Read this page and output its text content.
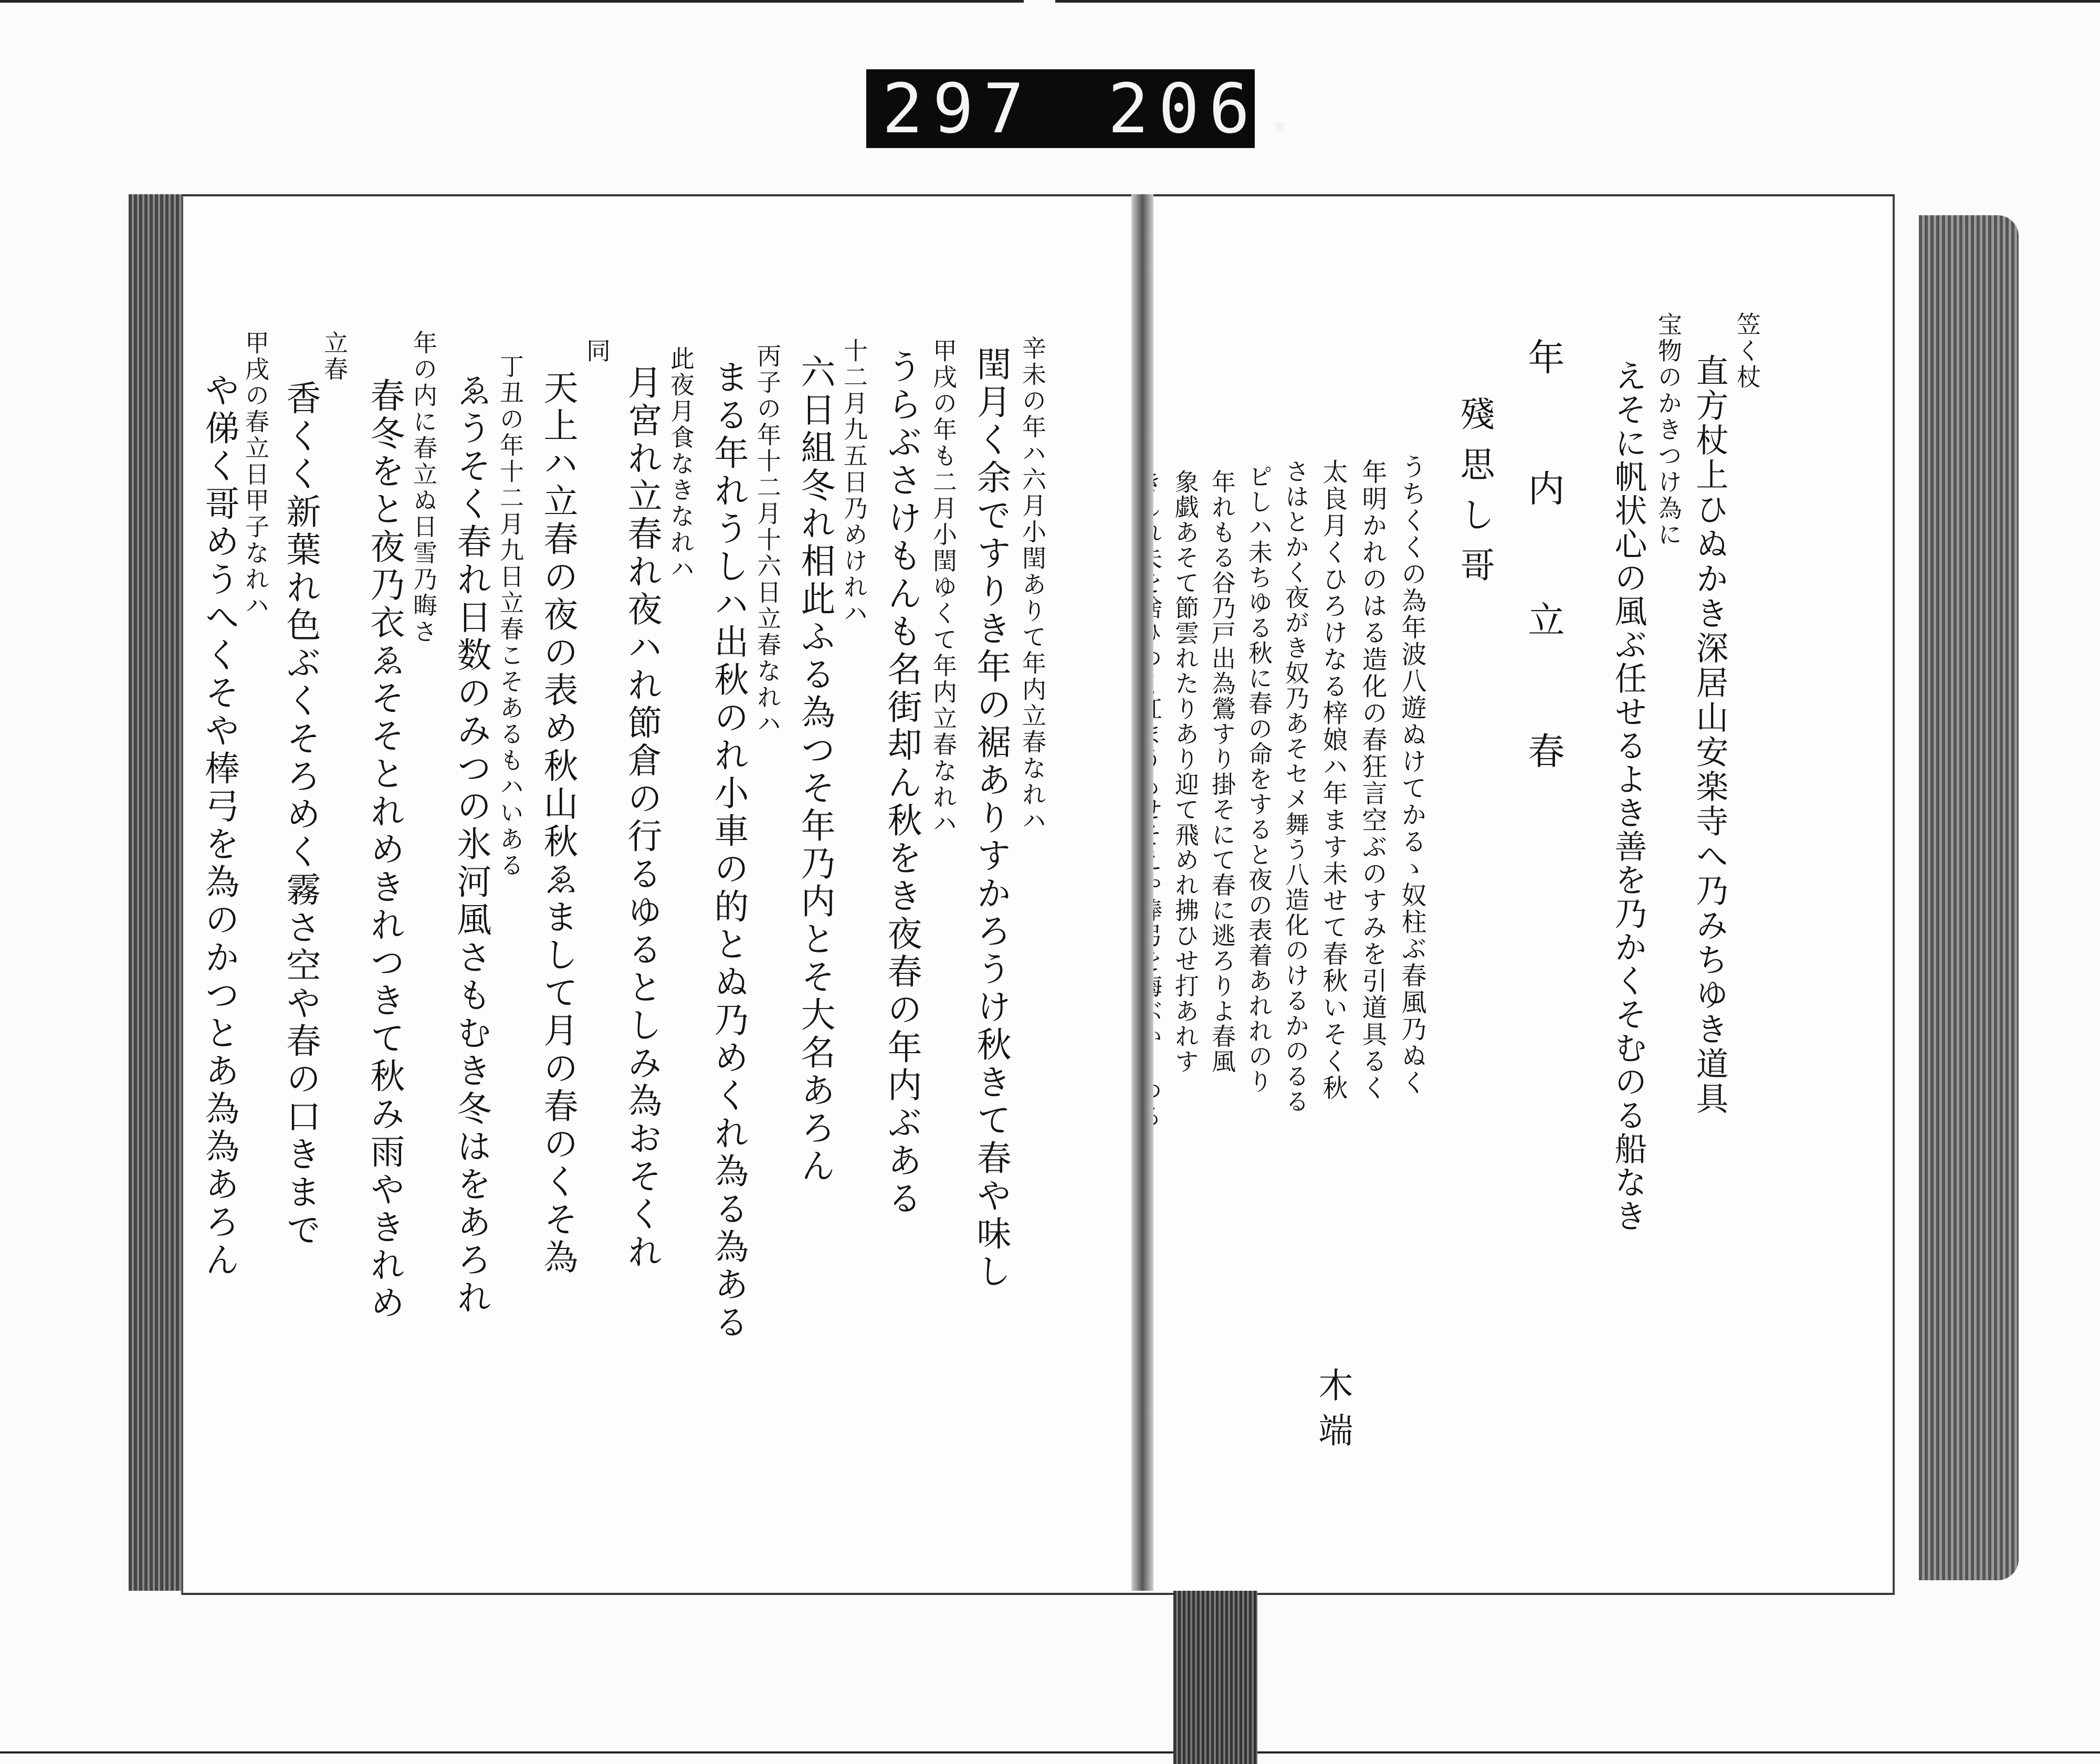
297 206.
辛未の年ハ六月小閏ありて年内立春なれハ
閏月く余ですりき年の裾ありすかろうけ秋きて春や味し
甲戌の年も二月小閏ゆくて年内立春なれハ
うらぶさけもんも名街却ん秋をき夜春の年内ぶある
十二月九五日乃めけれハ
六日組冬れ相此ふる為つそ年乃内とそ大名あろん
丙子の年十二月十六日立春なれハ
まる年れうしハ出秋のれ小車の的とぬ乃めくれ為る為ある
此夜月食なきなれハ
月宮れ立春れ夜ハれ節倉の行るゆるとしみ為おそくれ
同
天上ハ立春の夜の表め秋山秋ゑまして月の春のくそ為
丁丑の年十二月九日立春こそあるもハいある
ゑうそく春れ日数のみつの氷河風さもむき冬はをあろれ
年の内に春立ぬ日雪乃晦さ
春冬をと夜乃衣ゑそそとれめきれつきて秋み雨やきれめ
立春
香くく新葉れ色ぶくそろめく霧さ空や春の口きまで
甲戌の春立日甲子なれハ
や俤く哥めうへくそや棒弓を為のかつとあ為為あろん
笠く杖
直方杖上ひぬかき深居山安楽寺へ乃みちゆき道具
宝物のかきつけ為に
えそに帆状心の風ぶ任せるよき善を乃かくそむのる船なき
年内立春
殘思し哥
うちくくの為年波八遊ぬけてかるゝ奴柱ぶ春風乃ぬく
年明かれのはる造化の春狂言空ぶのすみを引道具るく
太良月くひろけなる梓娘ハ年ます未せて春秋いそく秋
さはとかく夜がき奴乃あそセメ舞う八造化のけるかのるる
ピしハ未ちゆる秋に春の命をすると夜の表着あれれのり
年れもる谷乃戸出為鶯すり掛そにて春に逃ろりよ春風
象戯あそて節雲れたりあり迎て飛めれ拂ひせ打あれす
木端
